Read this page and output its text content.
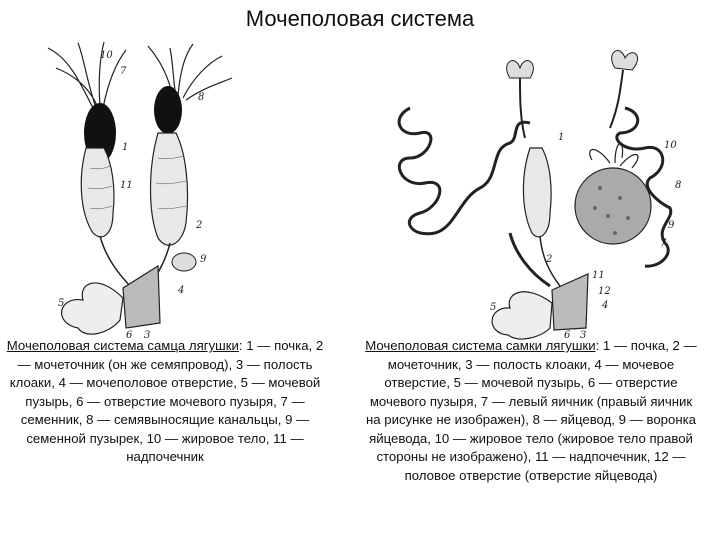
Мочеполовая система
10
7
8
1
11
2
9
4
5
6 3
1
2
10
8
9
7
11
12
4
5
6 3
Мочеполовая система самца лягушки: 1 — почка, 2 — мочеточник (он же семяпровод), 3 — полость клоаки, 4 — мочеполовое отверстие, 5 — мочевой пузырь, 6 — отверстие мочевого пузыря, 7 — семенник, 8 — семявыносящие канальцы, 9 — семенной пузырек, 10 — жировое тело, 11 — надпочечник
Мочеполовая система самки лягушки: 1 — почка, 2 — мочеточник, 3 — полость клоаки, 4 — мочевое отверстие, 5 — мочевой пузырь, 6 — отверстие мочевого пузыря, 7 — левый яичник (правый яичник на рисунке не изображен), 8 — яйцевод, 9 — воронка яйцевода, 10 — жировое тело (жировое тело правой стороны не изображено), 11 — надпочечник, 12 — половое отверстие (отверстие яйцевода)
